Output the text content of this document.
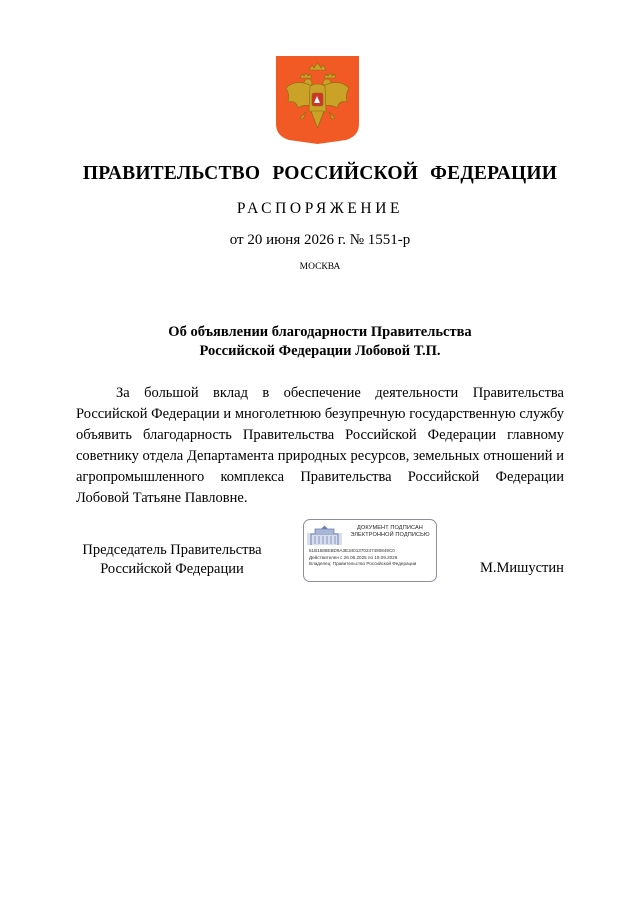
ПРАВИТЕЛЬСТВО РОССИЙСКОЙ ФЕДЕРАЦИИ
РАСПОРЯЖЕНИЕ
от 20 июня 2026 г. № 1551-р
МОСКВА
Об объявлении благодарности Правительства
Российской Федерации Лобовой Т.П.

За большой вклад в обеспечение деятельности Правительства Российской Федерации и многолетнюю безупречную государственную службу объявить благодарность Правительства Российской Федерации главному советнику отдела Департамента природных ресурсов, земельных отношений и агропромышленного комплекса Правительства Российской Федерации Лобовой Татьяне Павловне.

Председатель Правительства
Российской Федерации
ДОКУМЕНТ ПОДПИСАН
ЭЛЕКТРОННОЙ ПОДПИСЬЮ
51B1588EBD9A3E3401370247490849C0
Действителен с 26.06.2025 по 19.09.2026
Владелец: Правительство Российской Федерации	М.Мишустин
